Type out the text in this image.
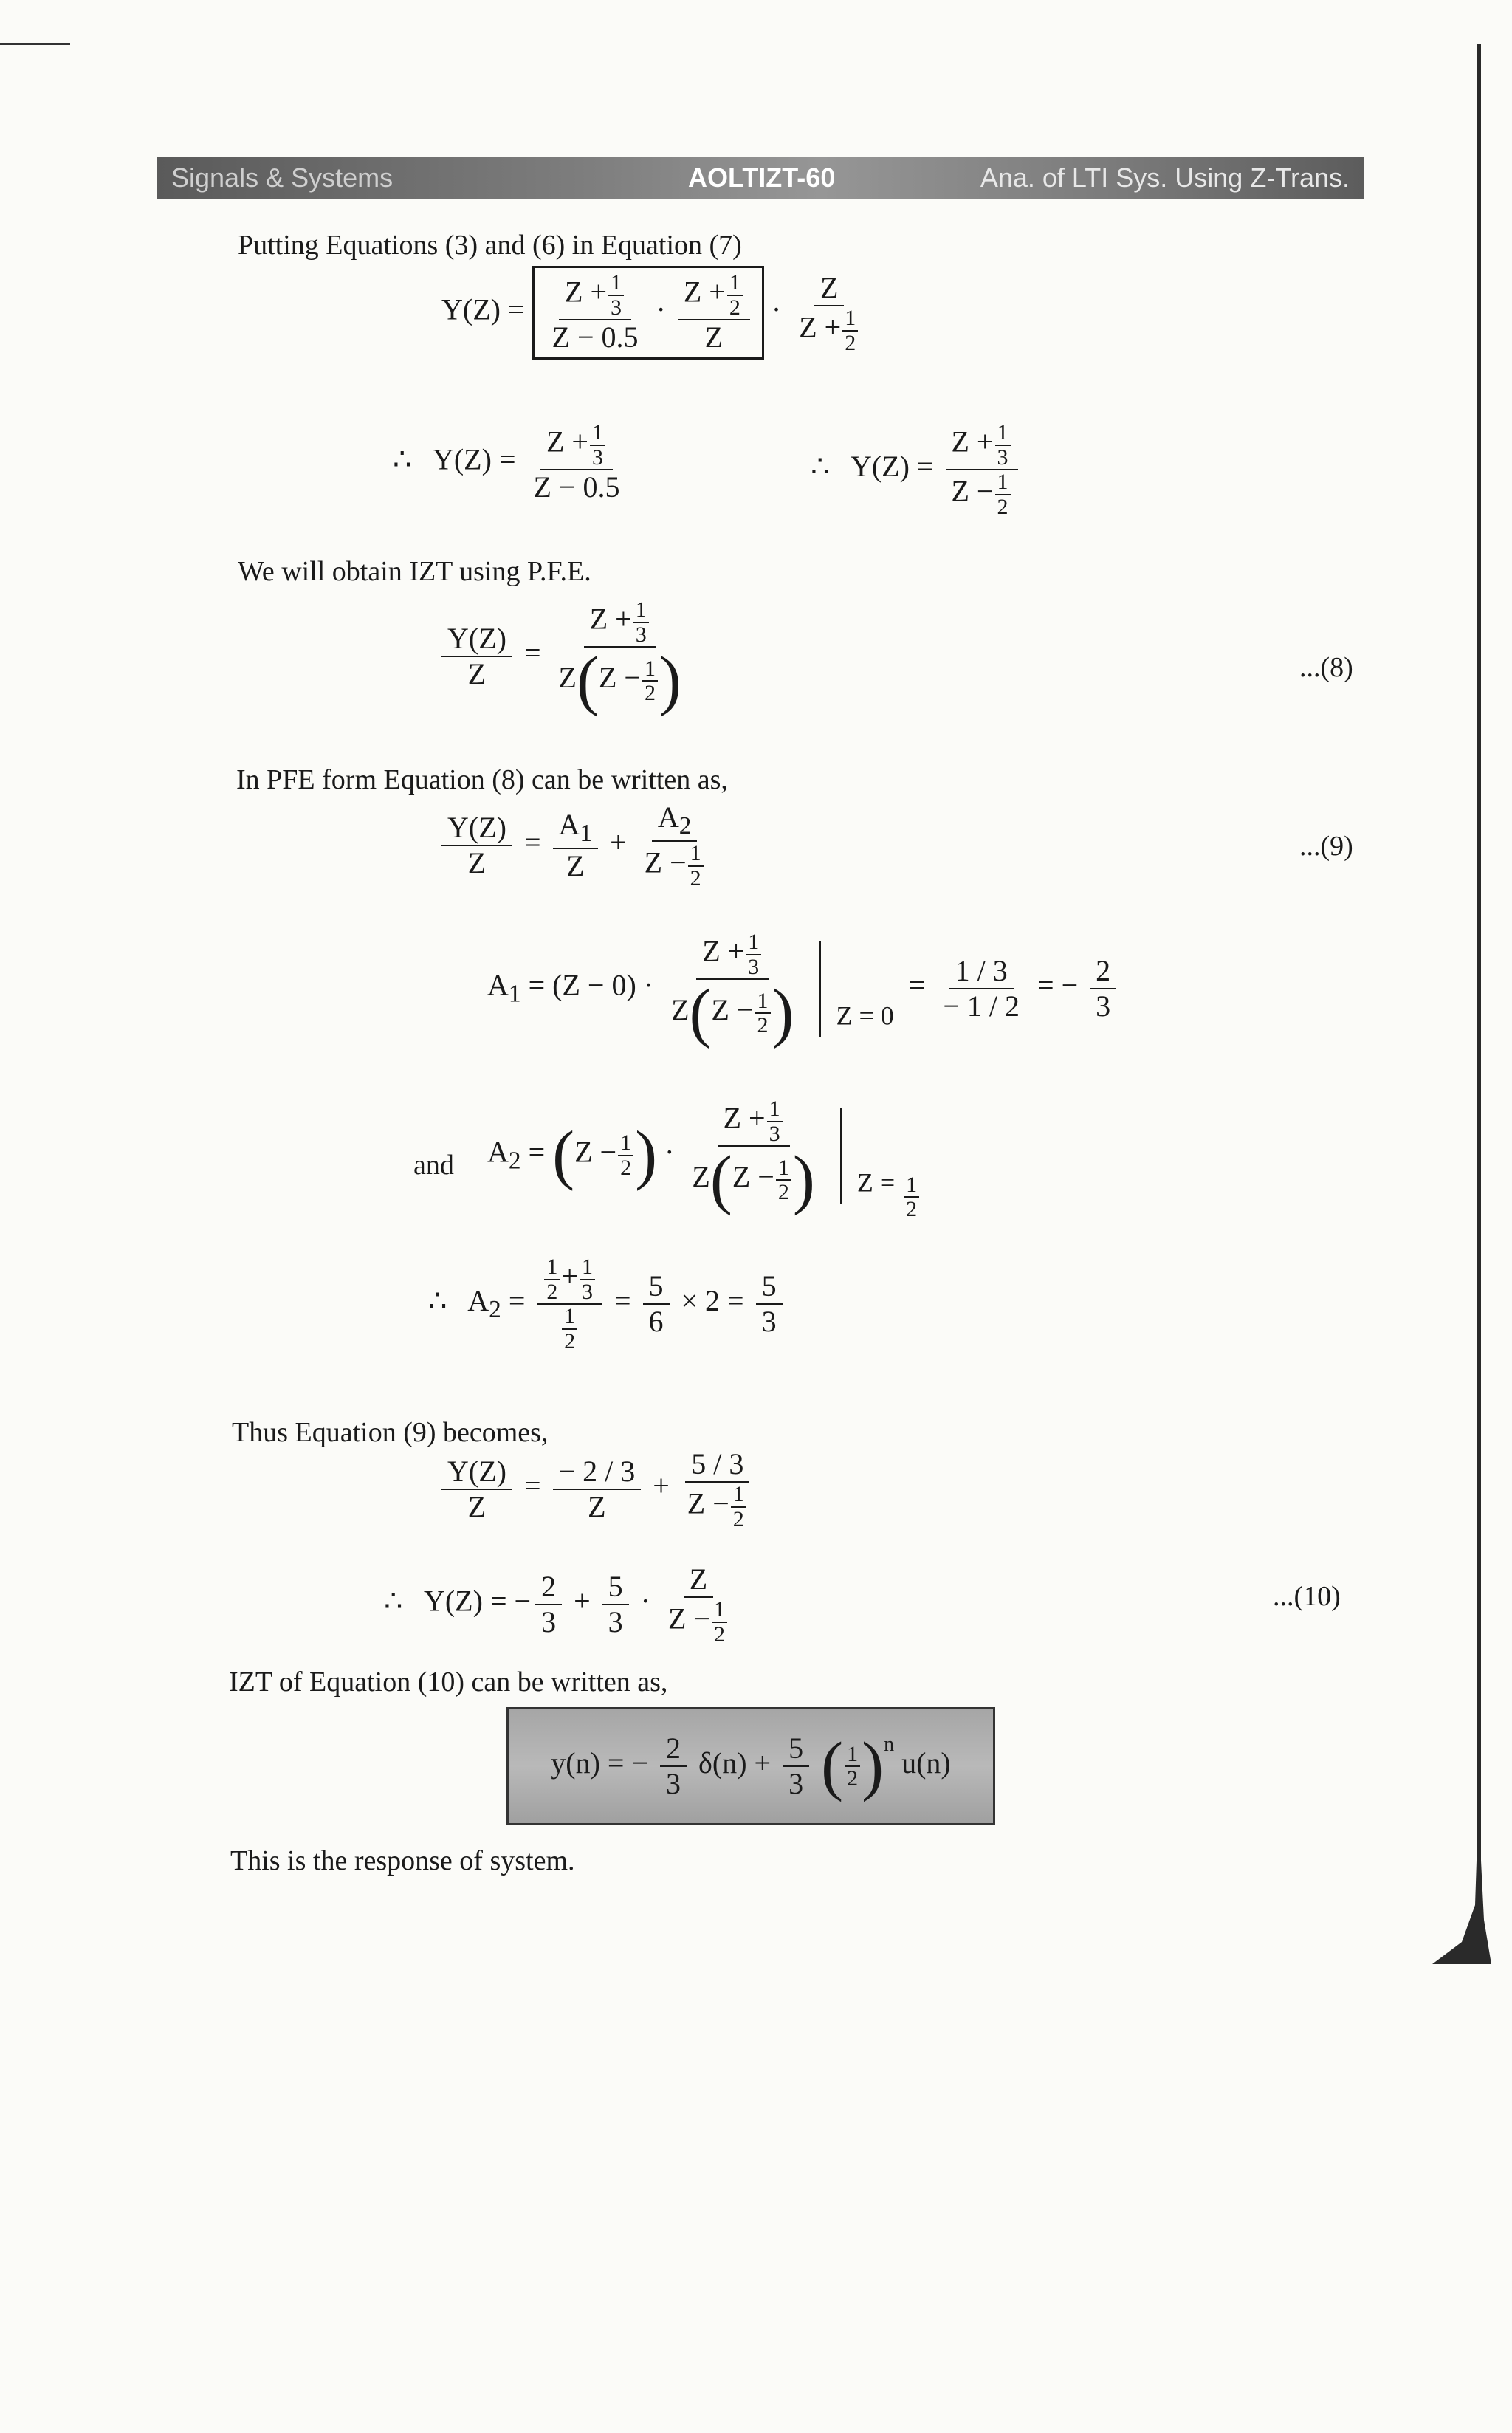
Signals & Systems	AOLTIZT-60	Ana. of LTI Sys. Using Z-Trans.
Putting Equations (3) and (6) in Equation (7)
$Y(Z) = \frac{Z + \frac{1}{3}}{Z - 0.5} \cdot \frac{Z + \frac{1}{2}}{Z} \cdot \frac{Z}{Z + \frac{1}{2}}$
∴ $Y(Z) = \frac{Z + \frac{1}{3}}{Z - 0.5}$	∴ $Y(Z) = \frac{Z + \frac{1}{3}}{Z - \frac{1}{2}}$
We will obtain IZT using P.F.E.
$\frac{Y(Z)}{Z} = \frac{Z + \frac{1}{3}}{Z(Z - \frac{1}{2} )}$	...(8)
In PFE form Equation (8) can be written as,
$\frac{Y(Z)}{Z} = \frac{A_1}{Z} + \frac{A_2}{Z - \frac{1}{2}}$	...(9)
$A_1 = (Z - 0) \cdot \frac{Z + \frac{1}{3}}{Z(Z - \frac{1}{2} )}$ $Z = 0 = \frac{1 / 3}{- 1 / 2}$ = − $\frac{2}{3}$
and $A_2 = (Z - \frac{1}{2}$ ) · $\frac{Z + \frac{1}{3}}{Z(Z - \frac{1}{2} )}$ $Z = \frac{1}{2}$
∴ $A_2 = \frac{\frac{1}{2} + \frac{1}{3}}{\frac{1}{2}} = \frac{5}{6} \times 2 = \frac{5}{3}$
Thus Equation (9) becomes,
$\frac{Y(Z)}{Z} = \frac{- 2 / 3}{Z} + \frac{5 / 3}{Z - \frac{1}{2}}$
∴ Y(Z) = − $\frac{2}{3} + \frac{5}{3} \cdot \frac{Z}{Z - \frac{1}{2}}$	...(10)
IZT of Equation (10) can be written as,
y(n) = − $\frac{2}{3} \delta(n) + \frac{5}{3}$ ( $\frac{1}{2} )^n$ u(n)
This is the response of system.
